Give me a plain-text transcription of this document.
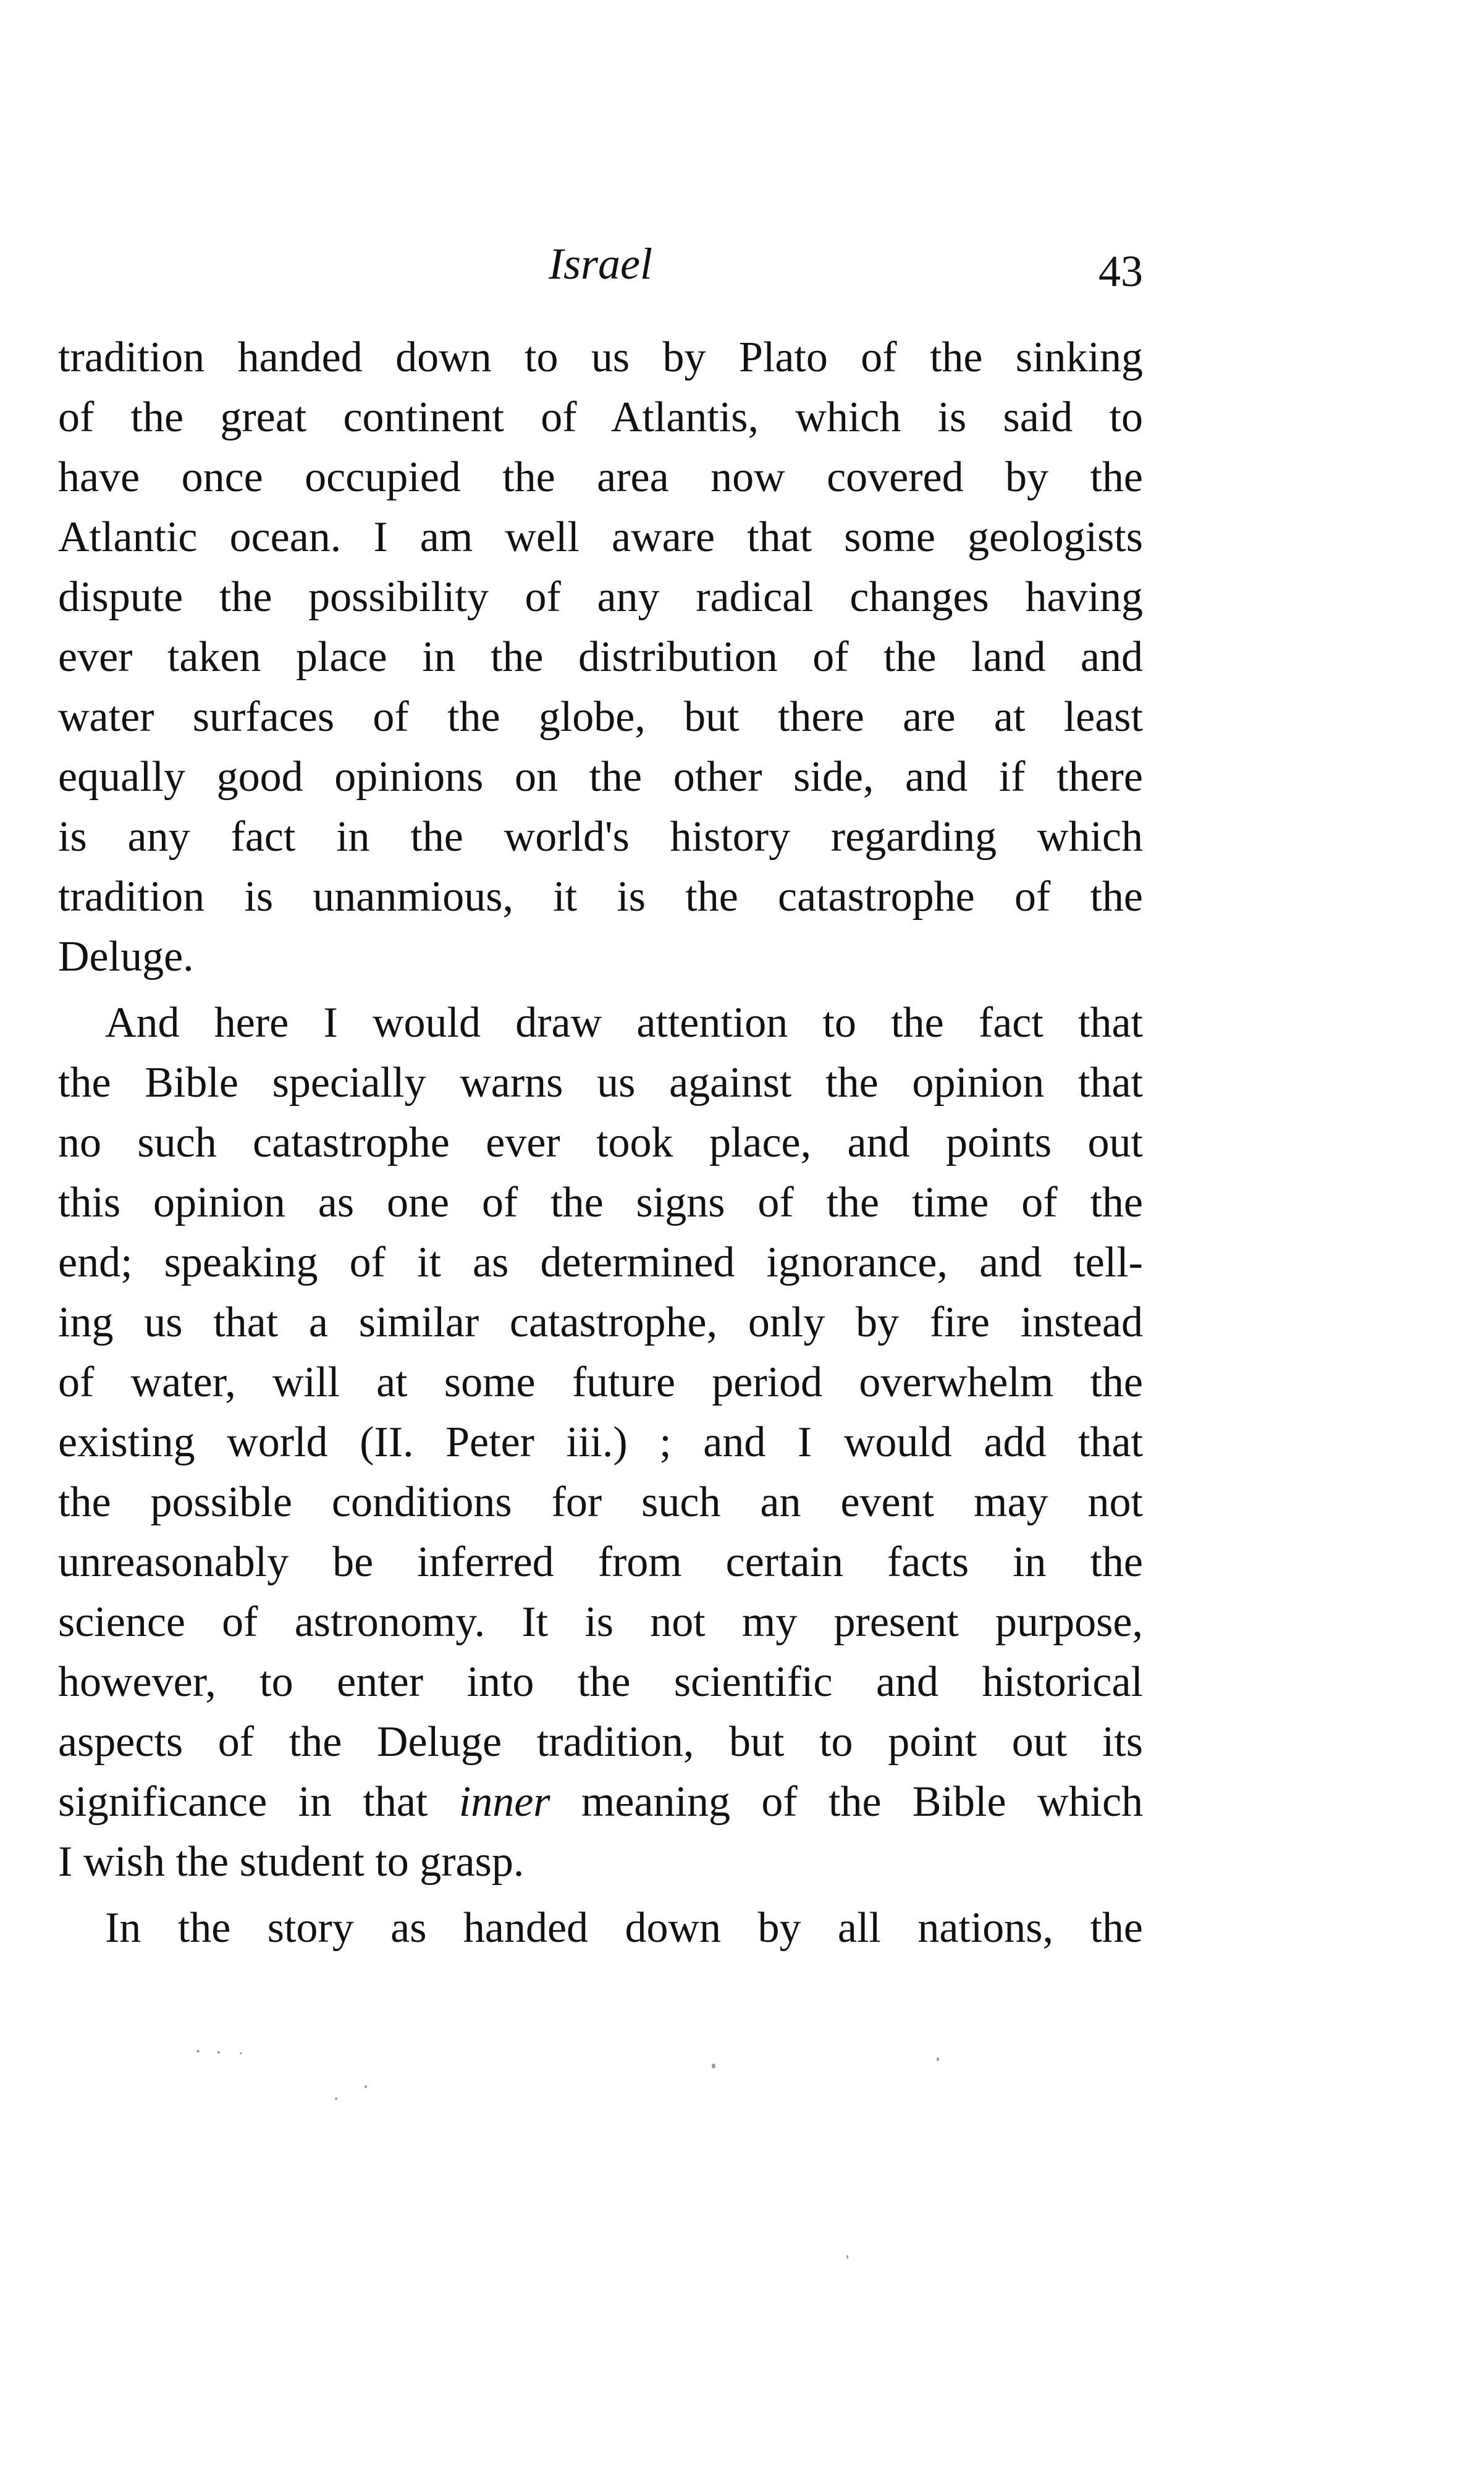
Israel	43
tradition handed down to us by Plato of the sinking
of the great continent of Atlantis, which is said to
have once occupied the area now covered by the
Atlantic ocean. I am well aware that some geologists
dispute the possibility of any radical changes having
ever taken place in the distribution of the land and
water surfaces of the globe, but there are at least
equally good opinions on the other side, and if there
is any fact in the world's history regarding which
tradition is unanmious, it is the catastrophe of the
Deluge.
And here I would draw attention to the fact that
the Bible specially warns us against the opinion that
no such catastrophe ever took place, and points out
this opinion as one of the signs of the time of the
end; speaking of it as determined ignorance, and tell-
ing us that a similar catastrophe, only by fire instead
of water, will at some future period overwhelm the
existing world (II. Peter iii.) ; and I would add that
the possible conditions for such an event may not
unreasonably be inferred from certain facts in the
science of astronomy. It is not my present purpose,
however, to enter into the scientific and historical
aspects of the Deluge tradition, but to point out its
significance in that inner meaning of the Bible which
I wish the student to grasp.
In the story as handed down by all nations, the
